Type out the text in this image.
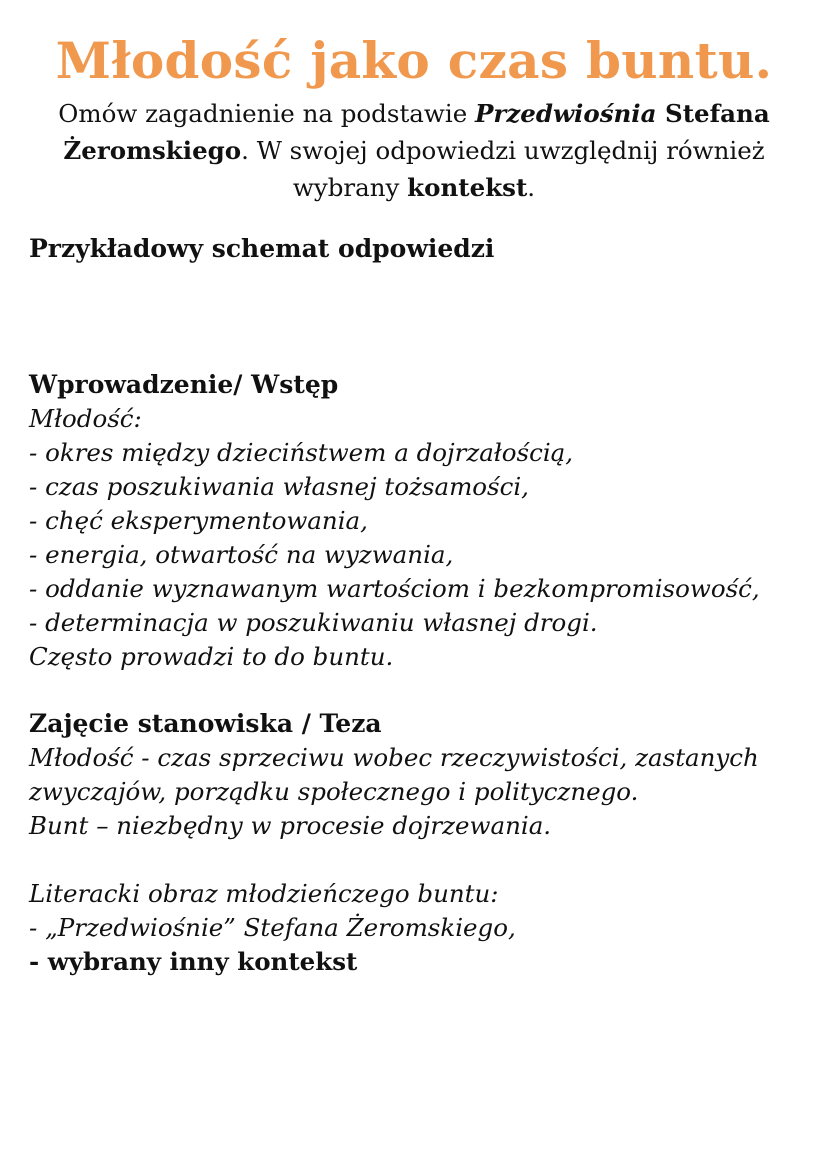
Młodość jako czas buntu.
Omów zagadnienie na podstawie Przedwiośnia Stefana Żeromskiego. W swojej odpowiedzi uwzględnij również wybrany kontekst.
Przykładowy schemat odpowiedzi
Wprowadzenie/ Wstęp
Młodość:
- okres między dzieciństwem a dojrzałością,
- czas poszukiwania własnej tożsamości,
- chęć eksperymentowania,
- energia, otwartość na wyzwania,
- oddanie wyznawanym wartościom i bezkompromisowość,
- determinacja w poszukiwaniu własnej drogi.
Często prowadzi to do buntu.
Zajęcie stanowiska / Teza
Młodość - czas sprzeciwu wobec rzeczywistości, zastanych
zwyczajów, porządku społecznego i politycznego.
Bunt – niezbędny w procesie dojrzewania.
Literacki obraz młodzieńczego buntu:
- „Przedwiośnie” Stefana Żeromskiego,
- wybrany inny kontekst
